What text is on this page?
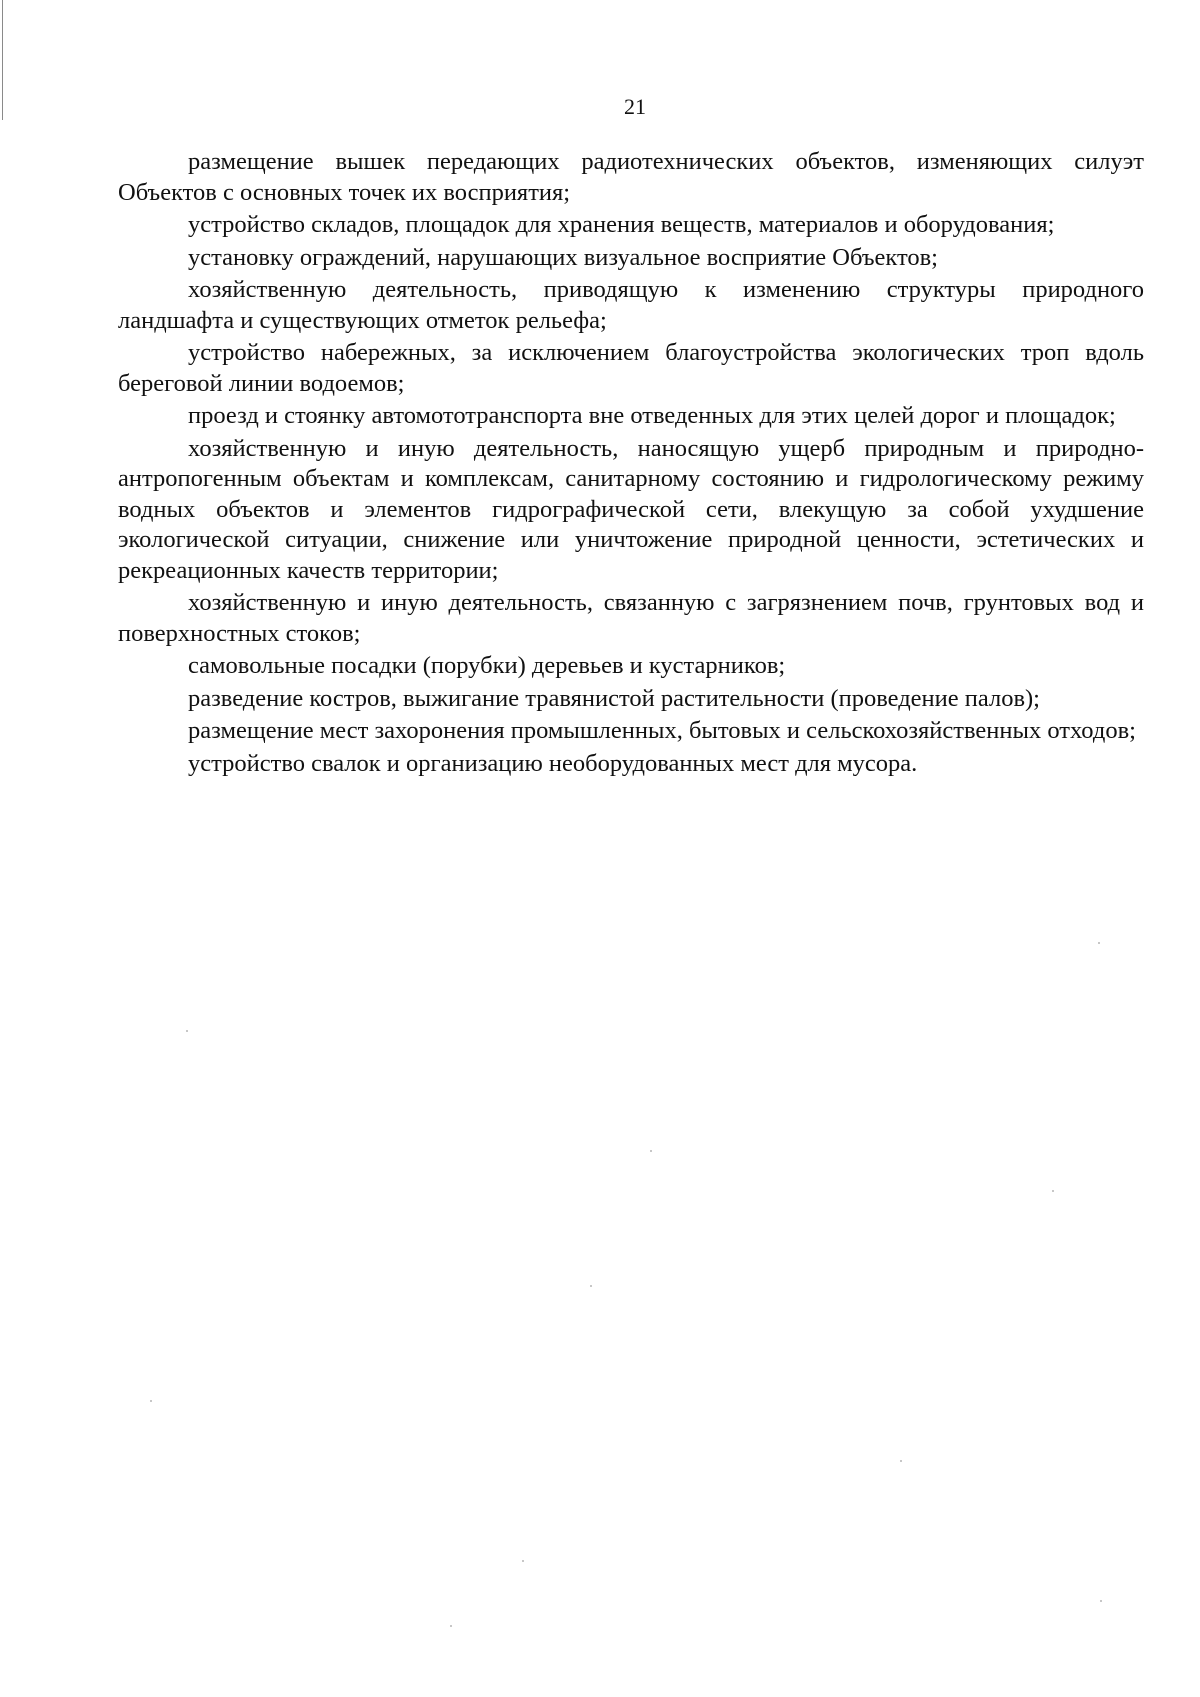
21

размещение вышек передающих радиотехнических объектов, изменяющих силуэт Объектов с основных точек их восприятия;

устройство складов, площадок для хранения веществ, материалов и оборудования;

установку ограждений, нарушающих визуальное восприятие Объектов;

хозяйственную деятельность, приводящую к изменению структуры природного ландшафта и существующих отметок рельефа;

устройство набережных, за исключением благоустройства экологических троп вдоль береговой линии водоемов;

проезд и стоянку автомототранспорта вне отведенных для этих целей дорог и площадок;

хозяйственную и иную деятельность, наносящую ущерб природным и природно-антропогенным объектам и комплексам, санитарному состоянию и гидрологическому режиму водных объектов и элементов гидрографической сети, влекущую за собой ухудшение экологической ситуации, снижение или уничтожение природной ценности, эстетических и рекреационных качеств территории;

хозяйственную и иную деятельность, связанную с загрязнением почв, грунтовых вод и поверхностных стоков;

самовольные посадки (порубки) деревьев и кустарников;

разведение костров, выжигание травянистой растительности (проведение палов);

размещение мест захоронения промышленных, бытовых и сельскохозяйственных отходов;

устройство свалок и организацию необорудованных мест для мусора.
